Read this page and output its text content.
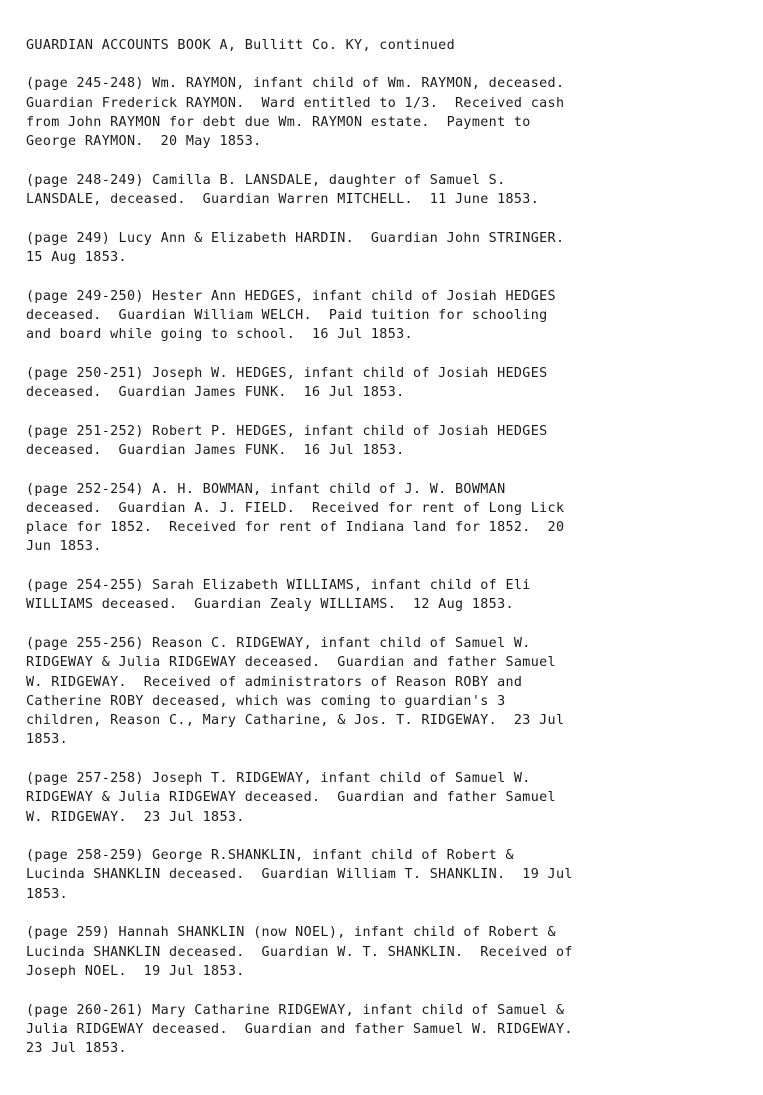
GUARDIAN ACCOUNTS BOOK A, Bullitt Co. KY, continued
(page 245-248) Wm. RAYMON, infant child of Wm. RAYMON, deceased.
Guardian Frederick RAYMON.  Ward entitled to 1/3.  Received cash
from John RAYMON for debt due Wm. RAYMON estate.  Payment to
George RAYMON.  20 May 1853.
(page 248-249) Camilla B. LANSDALE, daughter of Samuel S.
LANSDALE, deceased.  Guardian Warren MITCHELL.  11 June 1853.
(page 249) Lucy Ann & Elizabeth HARDIN.  Guardian John STRINGER.
15 Aug 1853.
(page 249-250) Hester Ann HEDGES, infant child of Josiah HEDGES
deceased.  Guardian William WELCH.  Paid tuition for schooling
and board while going to school.  16 Jul 1853.
(page 250-251) Joseph W. HEDGES, infant child of Josiah HEDGES
deceased.  Guardian James FUNK.  16 Jul 1853.
(page 251-252) Robert P. HEDGES, infant child of Josiah HEDGES
deceased.  Guardian James FUNK.  16 Jul 1853.
(page 252-254) A. H. BOWMAN, infant child of J. W. BOWMAN
deceased.  Guardian A. J. FIELD.  Received for rent of Long Lick
place for 1852.  Received for rent of Indiana land for 1852.  20
Jun 1853.
(page 254-255) Sarah Elizabeth WILLIAMS, infant child of Eli
WILLIAMS deceased.  Guardian Zealy WILLIAMS.  12 Aug 1853.
(page 255-256) Reason C. RIDGEWAY, infant child of Samuel W.
RIDGEWAY & Julia RIDGEWAY deceased.  Guardian and father Samuel
W. RIDGEWAY.  Received of administrators of Reason ROBY and
Catherine ROBY deceased, which was coming to guardian's 3
children, Reason C., Mary Catharine, & Jos. T. RIDGEWAY.  23 Jul
1853.
(page 257-258) Joseph T. RIDGEWAY, infant child of Samuel W.
RIDGEWAY & Julia RIDGEWAY deceased.  Guardian and father Samuel
W. RIDGEWAY.  23 Jul 1853.
(page 258-259) George R.SHANKLIN, infant child of Robert &
Lucinda SHANKLIN deceased.  Guardian William T. SHANKLIN.  19 Jul
1853.
(page 259) Hannah SHANKLIN (now NOEL), infant child of Robert &
Lucinda SHANKLIN deceased.  Guardian W. T. SHANKLIN.  Received of
Joseph NOEL.  19 Jul 1853.
(page 260-261) Mary Catharine RIDGEWAY, infant child of Samuel &
Julia RIDGEWAY deceased.  Guardian and father Samuel W. RIDGEWAY.
23 Jul 1853.
